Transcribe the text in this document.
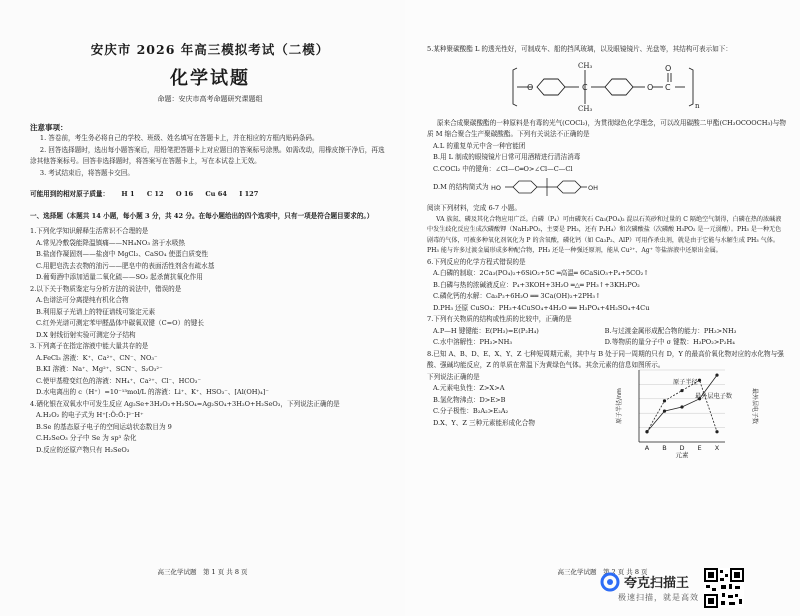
安庆市 2026 年高三模拟考试（二模）
化学试题
命题：安庆市高考命题研究课题组
注意事项：
1. 答卷前，考生务必将自己的学校、班级、姓名填写在答题卡上，并在相应的方框内贴码条码。
2. 回答选择题时，选出每小题答案后，用铅笔把答题卡上对应题目的答案标号涂黑。如需改动，用橡皮擦干净后，再选涂其他答案标号。回答非选择题时，将答案写在答题卡上，写在本试卷上无效。
3. 考试结束后，将答题卡交回。
可能用到的相对原子质量： H 1 C 12 O 16 Cu 64 I 127
一、选择题（本题共 14 小题，每小题 3 分，共 42 分。在每小题给出的四个选项中，只有一项是符合题目要求的。）
1.下列化学知识解释生活常识不合理的是
A.常见冷敷袋能降温镇痛——NH₄NO₃ 溶于水吸热
B.盐卤作凝固剂——盐卤中 MgCl₂、CaSO₄ 使蛋白质变性
C.用肥皂洗去衣物的油污——肥皂中的表面活性剂含有疏水基
D.葡萄酒中添加适量二氧化硫——SO₂ 起杀菌抗氧化作用
2.以下关于物质鉴定与分析方法的说法中，错误的是
A.色谱法可分离提纯有机化合物
B.利用原子光谱上的特征谱线可鉴定元素
C.红外光谱可测定苯甲醛晶体中碳氧双键（C=O）的键长
D.X 射线衍射实验可测定分子结构
3.下列离子在指定溶液中能大量共存的是
A.FeCl₃ 溶液：K⁺、Ca²⁺、CN⁻、NO₃⁻
B.KI 溶液：Na⁺、Mg²⁺、SCN⁻、S₂O₃²⁻
C.使甲基橙变红色的溶液：NH₄⁺、Ca²⁺、Cl⁻、HCO₃⁻
D.水电离出的 c（H⁺）=10⁻¹³mol/L 的溶液：Li⁺、K⁺、HSO₃⁻、[Al(OH)₄]⁻
4.硒化银在双氧水中可发生反应 Ag₂Se+3H₂O₂+H₂SO₄=Ag₂SO₄+3H₂O+H₂SeO₃，下列说法正确的是
A.H₂O₂ 的电子式为 H⁺[:Ö:Ö:]²⁻H⁺
B.Se 的基态原子电子的空间运动状态数目为 9
C.H₂SeO₃ 分子中 Se 为 sp³ 杂化
D.反应的还原产物只有 H₂SeO₃
高三化学试题　第 1 页 共 8 页
5.某种聚碳酸酯 L 的透光性好，可制成车、船的挡风玻璃，以及眼镜镜片、光盘等，其结构可表示如下：
O	C	O C
O
CH₃
CH₃	n
原来合成聚碳酸酯的一种原料是有毒的光气(COCl₂)，为贯彻绿色化学理念，可以改用碳酸二甲酯(CH₃OCOOCH₃)与物质 M 缩合聚合生产聚碳酸酯。下列有关说法不正确的是
A.L 的重复单元中含一种官能团
B.用 L 制成的眼镜镜片日常可用酒精进行清洁消毒
C.COCl₂ 中的键角：∠Cl—C═O>∠Cl—C—Cl
D.M 的结构简式为 HO	OH
阅读下列材料，完成 6-7 小题。
VA 族氮、磷及其化合物应用广泛。白磷（P₄）可由磷灰石 Ca₃(PO₄)₂ 混以石英砂和过量的 C 隔绝空气制得，白磷在热的浓碱液中发生歧化反应生成次磷酸钾（NaH₂PO₂，主要是 PH₃，还有 P₂H₄）和次磷酸盐（次磷酸 H₃PO₂ 是一元弱酸）。PH₃ 是一种无色剧毒的气体，可被多种氧化剂氧化为 P 的含氧酸，磷化钙（如 Ca₃P₂、AlP）可用作杀虫剂，就是由于它能与水解生成 PH₃ 气体。PH₃ 能与许多过渡金属形成多种配合物，PH₃ 还是一种强还原剂，能从 Cu²⁺、Ag⁺ 等盐溶液中还原出金属。
6.下列反应的化学方程式错误的是
A.白磷的制取：2Ca₃(PO₄)₂+6SiO₂+5C ═高温═ 6CaSiO₃+P₄+5CO₂↑
B.白磷与热的浓碱液反应：P₄+3KOH+3H₂O ═△═ PH₃↑+3KH₂PO₂
C.磷化钙的水解：Ca₃P₂+6H₂O ══ 3Ca(OH)₂+2PH₃↑
D.PH₃ 还原 CuSO₄：PH₃+4CuSO₄+4H₂O ══ H₃PO₄+4H₂SO₄+4Cu
7.下列有关物质的结构或性质的比较中，正确的是
A.P—H 键键能：E(PH₃)=E(P₂H₄)	B.与过渡金属形成配合物的能力：PH₃>NH₃
C.水中溶解性：PH₃>NH₃	D.等物质的量分子中 σ 键数：H₃PO₂>P₂H₄
8.已知 A、B、D、E、X、Y、Z 七种短周期元素，其中与 B 处于同一周期的只有 D，Y 的最高价氧化物对应的水化物与强酸、强碱均能反应，Z 的单质在常温下为黄绿色气体。其余元素的信息如图所示。
下列说法正确的是
A.元素电负性：Z>X>A
B.氢化物沸点：D>E>B
C.分子极性：B₂A₂>E₂A₂
D.X、Y、Z 三种元素能形成化合物
A B D E X
元素
原子半径/nm	最外层电子数
原子半径
最外层电子数
高三化学试题　第 2 页 共 8 页
夸克扫描王
极速扫描，就是高效
